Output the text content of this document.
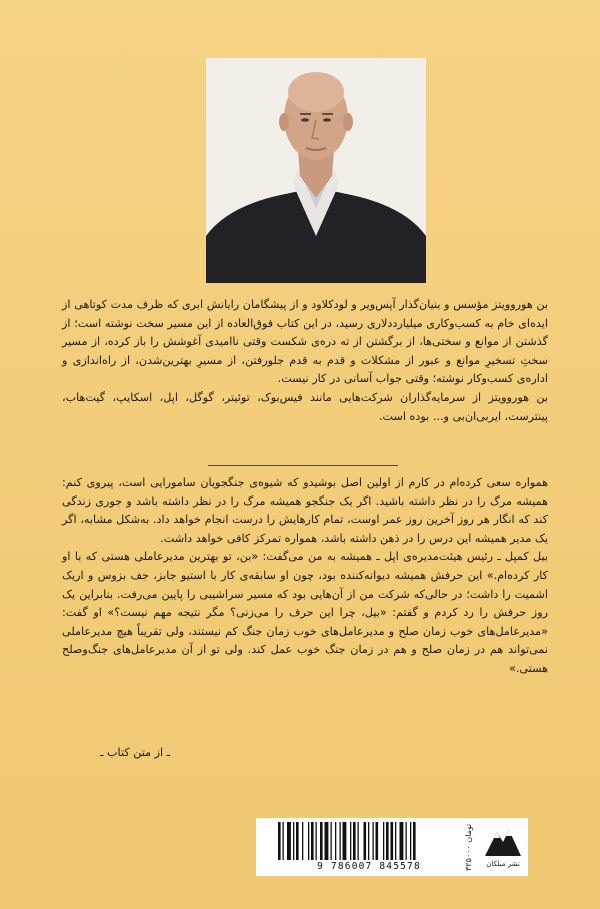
بن هوروویتز مؤسس و بنیان‌گذار آپس‌ویر و لودکلاود و از پیشگامان رایانش ابری که ظرف مدت کوتاهی از ایده‌ای خام به کسب‌وکاری میلیارددلاری رسید، در این کتاب فوق‌العاده از این مسیر سخت نوشته است؛ از گذشتن از موانع و سختی‌ها، از برگشتن از ته دره‌ی شکست وقتی ناامیدی آغوشش را باز کرده، از مسیر سختِ تسخیرِ موانع و عبور از مشکلات و قدم به قدم جلورفتن، از مسیرِ بهترین‌شدن، از راه‌اندازی و اداره‌ی کسب‌وکار نوشته؛ وقتی جواب آسانی در کار نیست.

بن هوروویتز از سرمایه‌گذاران شرکت‌هایی مانند فیس‌بوک، توئیتر، گوگل، اپل، اسکایپ، گیت‌هاب، پینترست، ایربی‌ان‌بی و... بوده است.

همواره سعی کرده‌ام در کارم از اولین اصل بوشیدو که شیوه‌ی جنگجویان سامورایی است، پیروی کنم: همیشه مرگ را در نظر داشته باشید. اگر یک جنگجو همیشه مرگ را در نظر داشته باشد و جوری زندگی کند که انگار هر روز آخرین روز عمر اوست، تمام کارهایش را درست انجام خواهد داد. به‌شکل مشابه، اگر یک مدیر همیشه این درس را در ذهن داشته باشد، همواره تمرکز کافی خواهد داشت.

بیل کمپل ـ رئیس هیئت‌مدیره‌ی اپل ـ همیشه به من می‌گفت: «بن، تو بهترین مدیرعاملی هستی که با او کار کرده‌ام.» این حرفش همیشه دیوانه‌کننده بود، چون او سابقه‌ی کار با استیو جابز، جف بزوس و اریک اشمیت را داشت؛ در حالی‌که شرکت من از آن‌هایی بود که مسیر سراشیبی را پایین می‌رفت. بنابراین یک روز حرفش را رد کردم و گفتم: «بیل، چرا این حرف را می‌زنی؟ مگر نتیجه مهم نیست؟» او گفت: «مدیرعامل‌های خوب زمان صلح و مدیرعامل‌های خوب زمان جنگ کم نیستند، ولی تقریباً هیچ مدیرعاملی نمی‌تواند هم در زمان صلح و هم در زمان جنگ خوب عمل کند. ولی تو از آن مدیرعامل‌های جنگ‌وصلح هستی.»

ـ از متن کتاب ـ
9 786007 845578	۳۲۵۰۰۰ تومان
نشر میلکان
